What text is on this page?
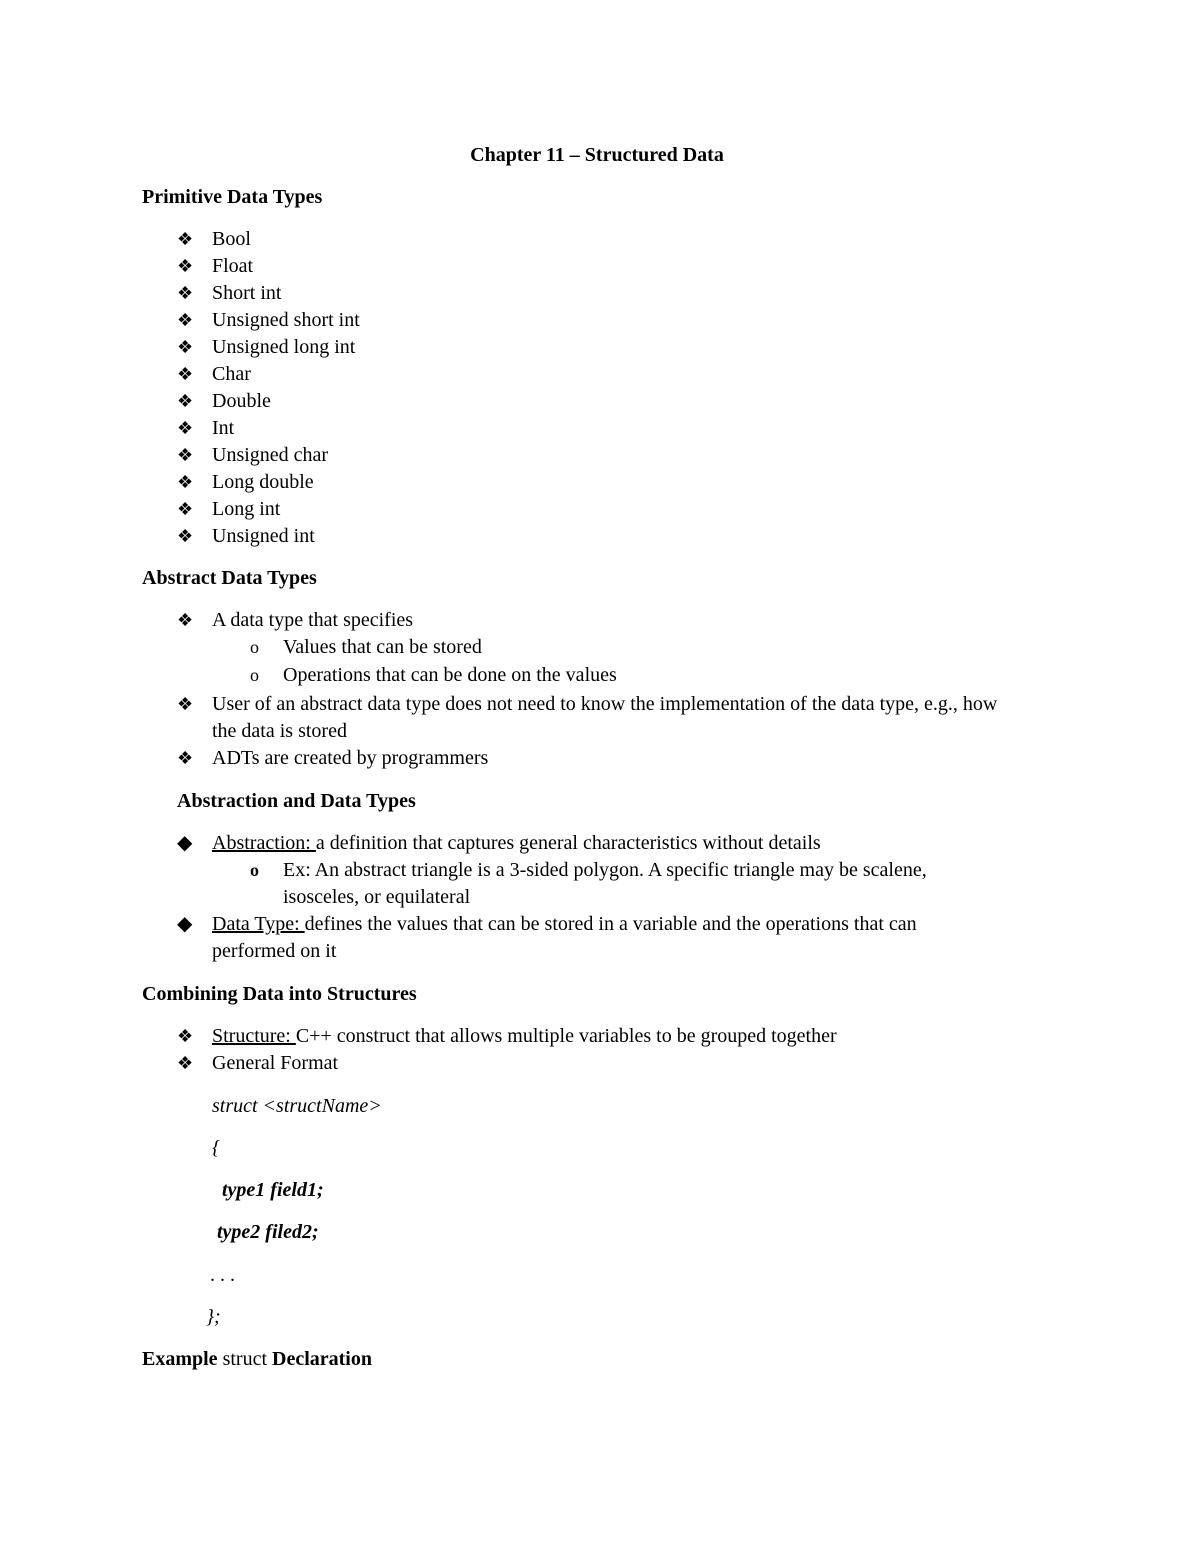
Chapter 11 – Structured Data
Primitive Data Types
❖ Bool
❖ Float
❖ Short int
❖ Unsigned short int
❖ Unsigned long int
❖ Char
❖ Double
❖ Int
❖ Unsigned char
❖ Long double
❖ Long int
❖ Unsigned int
Abstract Data Types
❖ A data type that specifies
o Values that can be stored
o Operations that can be done on the values
❖ User of an abstract data type does not need to know the implementation of the data type, e.g., how
the data is stored
❖ ADTs are created by programmers
Abstraction and Data Types
◆ Abstraction: a definition that captures general characteristics without details
o Ex: An abstract triangle is a 3-sided polygon. A specific triangle may be scalene,
isosceles, or equilateral
◆ Data Type: defines the values that can be stored in a variable and the operations that can
performed on it
Combining Data into Structures
❖ Structure: C++ construct that allows multiple variables to be grouped together
❖ General Format
struct <structName>
{
type1 field1;
type2 filed2;
. . .
};
Example struct Declaration
